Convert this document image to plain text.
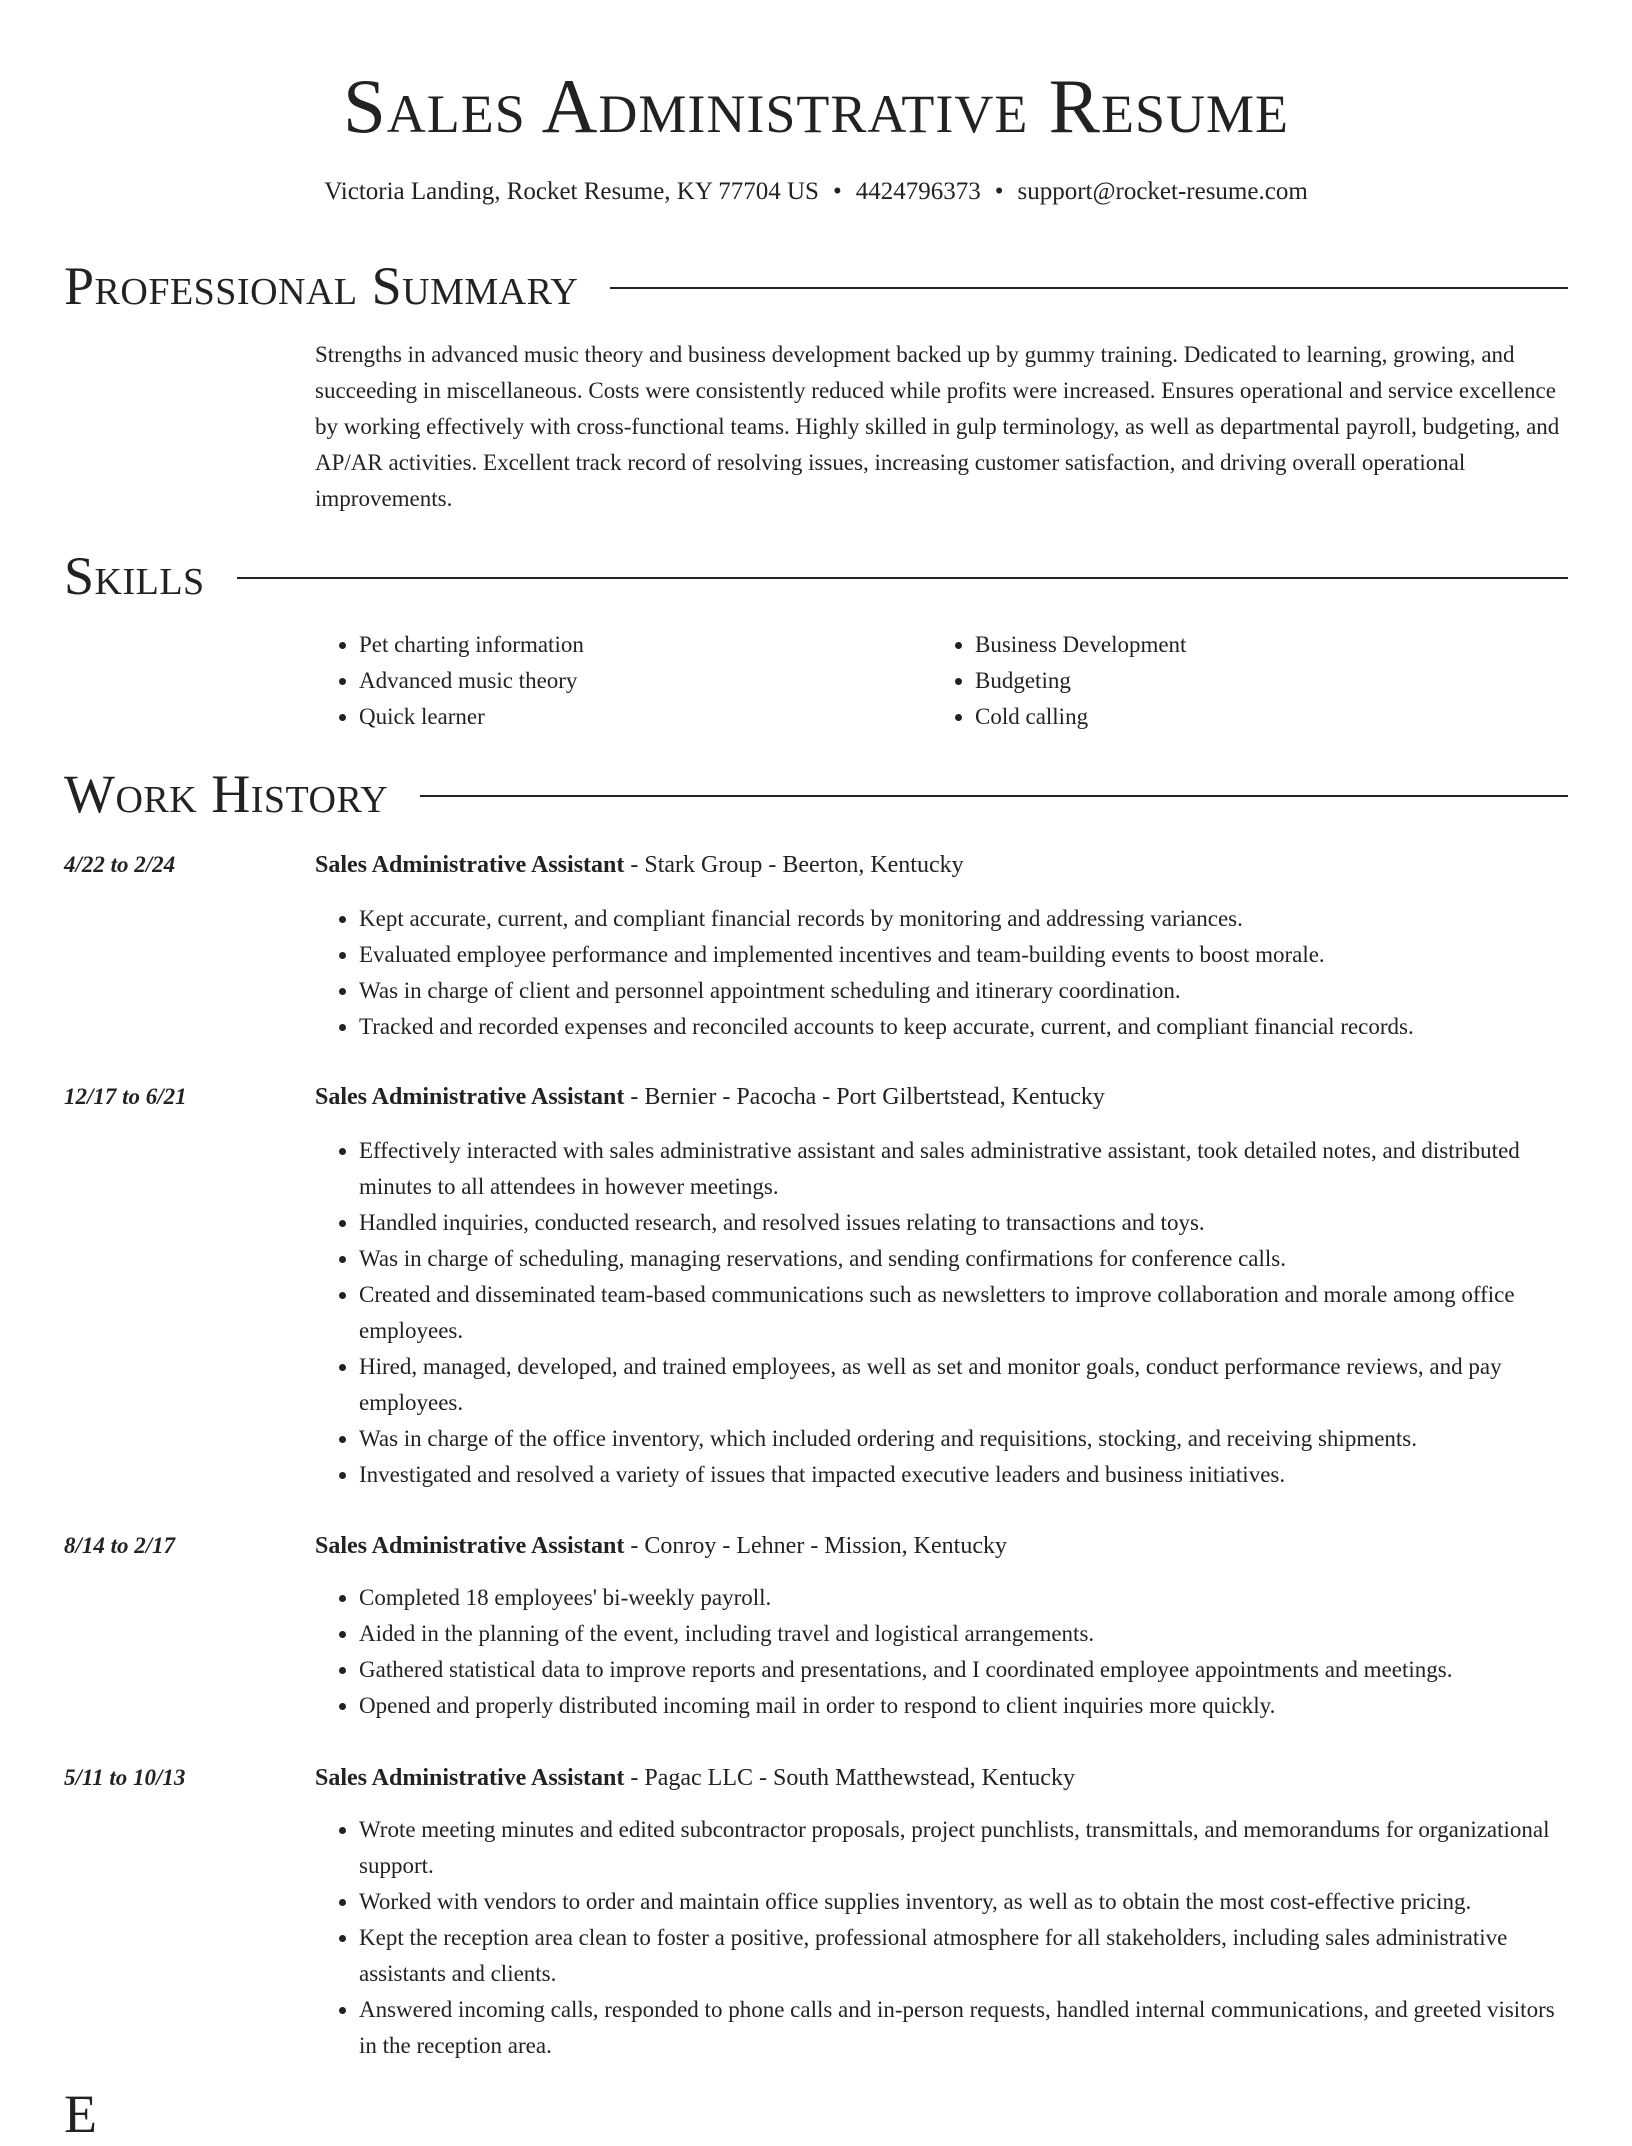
Sales Administrative Resume
Victoria Landing, Rocket Resume, KY 77704 US • 4424796373 • support@rocket-resume.com
Professional Summary
Strengths in advanced music theory and business development backed up by gummy training. Dedicated to learning, growing, and succeeding in miscellaneous. Costs were consistently reduced while profits were increased. Ensures operational and service excellence by working effectively with cross-functional teams. Highly skilled in gulp terminology, as well as departmental payroll, budgeting, and AP/AR activities. Excellent track record of resolving issues, increasing customer satisfaction, and driving overall operational improvements.
Skills
• Pet charting information
• Advanced music theory
• Quick learner
• Business Development
• Budgeting
• Cold calling
Work History
4/22 to 2/24	Sales Administrative Assistant - Stark Group - Beerton, Kentucky
• Kept accurate, current, and compliant financial records by monitoring and addressing variances.
• Evaluated employee performance and implemented incentives and team-building events to boost morale.
• Was in charge of client and personnel appointment scheduling and itinerary coordination.
• Tracked and recorded expenses and reconciled accounts to keep accurate, current, and compliant financial records.
12/17 to 6/21	Sales Administrative Assistant - Bernier - Pacocha - Port Gilbertstead, Kentucky
• Effectively interacted with sales administrative assistant and sales administrative assistant, took detailed notes, and distributed minutes to all attendees in however meetings.
• Handled inquiries, conducted research, and resolved issues relating to transactions and toys.
• Was in charge of scheduling, managing reservations, and sending confirmations for conference calls.
• Created and disseminated team-based communications such as newsletters to improve collaboration and morale among office employees.
• Hired, managed, developed, and trained employees, as well as set and monitor goals, conduct performance reviews, and pay employees.
• Was in charge of the office inventory, which included ordering and requisitions, stocking, and receiving shipments.
• Investigated and resolved a variety of issues that impacted executive leaders and business initiatives.
8/14 to 2/17	Sales Administrative Assistant - Conroy - Lehner - Mission, Kentucky
• Completed 18 employees' bi-weekly payroll.
• Aided in the planning of the event, including travel and logistical arrangements.
• Gathered statistical data to improve reports and presentations, and I coordinated employee appointments and meetings.
• Opened and properly distributed incoming mail in order to respond to client inquiries more quickly.
5/11 to 10/13	Sales Administrative Assistant - Pagac LLC - South Matthewstead, Kentucky
• Wrote meeting minutes and edited subcontractor proposals, project punchlists, transmittals, and memorandums for organizational support.
• Worked with vendors to order and maintain office supplies inventory, as well as to obtain the most cost-effective pricing.
• Kept the reception area clean to foster a positive, professional atmosphere for all stakeholders, including sales administrative assistants and clients.
• Answered incoming calls, responded to phone calls and in-person requests, handled internal communications, and greeted visitors in the reception area.
E
